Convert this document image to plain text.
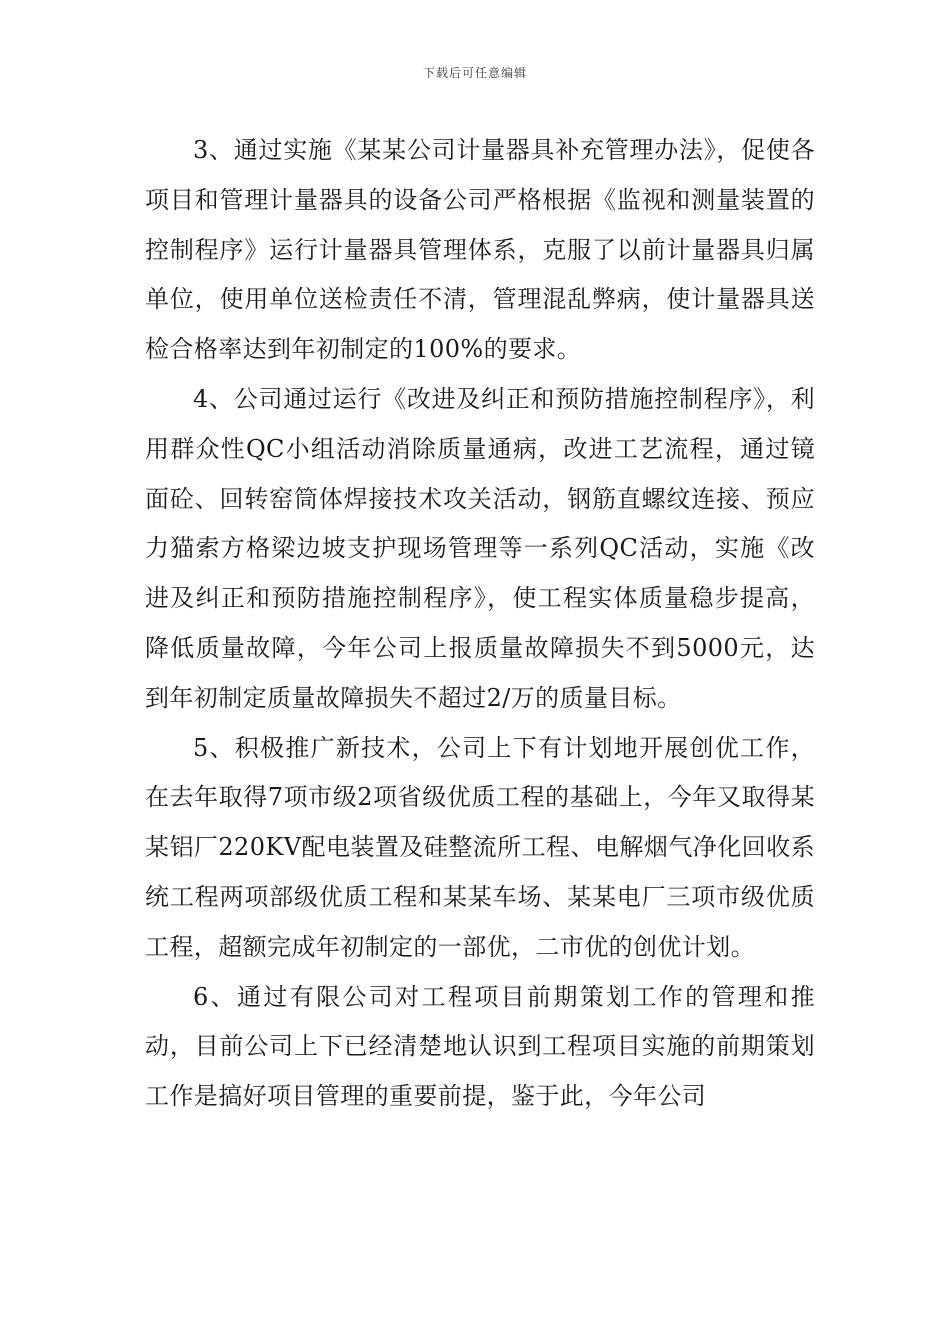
下载后可任意编辑

3、通过实施《某某公司计量器具补充管理办法》，促使各项目和管理计量器具的设备公司严格根据《监视和测量装置的控制程序》运行计量器具管理体系，克服了以前计量器具归属单位，使用单位送检责任不清，管理混乱弊病，使计量器具送检合格率达到年初制定的100%的要求。

4、公司通过运行《改进及纠正和预防措施控制程序》，利用群众性QC小组活动消除质量通病，改进工艺流程，通过镜面砼、回转窑筒体焊接技术攻关活动，钢筋直螺纹连接、预应力猫索方格梁边坡支护现场管理等一系列QC活动，实施《改进及纠正和预防措施控制程序》，使工程实体质量稳步提高，降低质量故障，今年公司上报质量故障损失不到5000元，达到年初制定质量故障损失不超过2/万的质量目标。

5、积极推广新技术，公司上下有计划地开展创优工作，在去年取得7项市级2项省级优质工程的基础上，今年又取得某某铝厂220KV配电装置及硅整流所工程、电解烟气净化回收系统工程两项部级优质工程和某某车场、某某电厂三项市级优质工程，超额完成年初制定的一部优，二市优的创优计划。

6、通过有限公司对工程项目前期策划工作的管理和推动，目前公司上下已经清楚地认识到工程项目实施的前期策划工作是搞好项目管理的重要前提，鉴于此，今年公司
